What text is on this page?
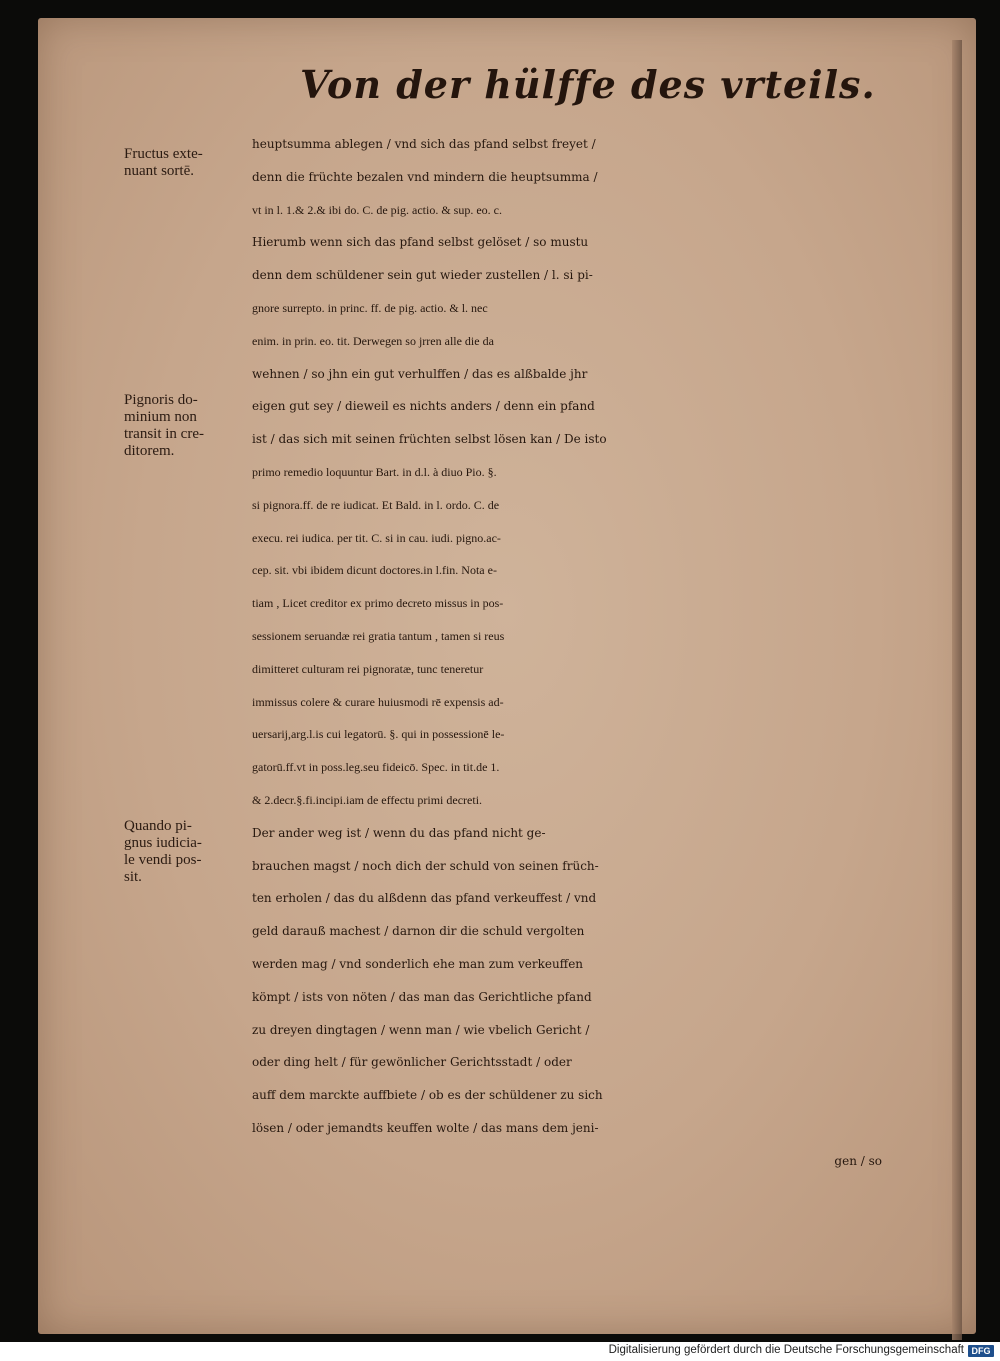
Von der hülffe des vrteils.
Fructus exte-
nuant sortē.
Pignoris do-
minium non
transit in cre-
ditorem.
Quando pi-
gnus iudicia-
le vendi pos-
sit.
heuptsumma ablegen / vnd sich das pfand selbst freyet /
denn die früchte bezalen vnd mindern die heuptsumma /
vt in l. 1.& 2.& ibi do. C. de pig. actio. & sup. eo. c.
Hierumb wenn sich das pfand selbst gelöset / so mustu
denn dem schüldener sein gut wieder zustellen / l. si pi-
gnore surrepto. in princ. ff. de pig. actio. & l. nec
enim. in prin. eo. tit. Derwegen so jrren alle die da
wehnen / so jhn ein gut verhulffen / das es alßbalde jhr
eigen gut sey / dieweil es nichts anders / denn ein pfand
ist / das sich mit seinen früchten selbst lösen kan / De isto
primo remedio loquuntur Bart. in d.l. à diuo Pio. §.
si pignora.ff. de re iudicat. Et Bald. in l. ordo. C. de
execu. rei iudica. per tit. C. si in cau. iudi. pigno.ac-
cep. sit. vbi ibidem dicunt doctores.in l.fin. Nota e-
tiam , Licet creditor ex primo decreto missus in pos-
sessionem seruandæ rei gratia tantum , tamen si reus
dimitteret culturam rei pignoratæ, tunc teneretur
immissus colere & curare huiusmodi rē expensis ad-
uersarij,arg.l.is cui legatorū. §. qui in possessionē le-
gatorū.ff.vt in poss.leg.seu fideicō. Spec. in tit.de 1.
& 2.decr.§.fi.incipi.iam de effectu primi decreti.
Der ander weg ist / wenn du das pfand nicht ge-
brauchen magst / noch dich der schuld von seinen früch-
ten erholen / das du alßdenn das pfand verkeuffest / vnd
geld darauß machest / darnon dir die schuld vergolten
werden mag / vnd sonderlich ehe man zum verkeuffen
kömpt / ists von nöten / das man das Gerichtliche pfand
zu dreyen dingtagen / wenn man / wie vbelich Gericht /
oder ding helt / für gewönlicher Gerichtsstadt / oder
auff dem marckte auffbiete / ob es der schüldener zu sich
lösen / oder jemandts keuffen wolte / das mans dem jeni-
gen / so
Digitalisierung gefördert durch die Deutsche Forschungsgemeinschaft DFG
